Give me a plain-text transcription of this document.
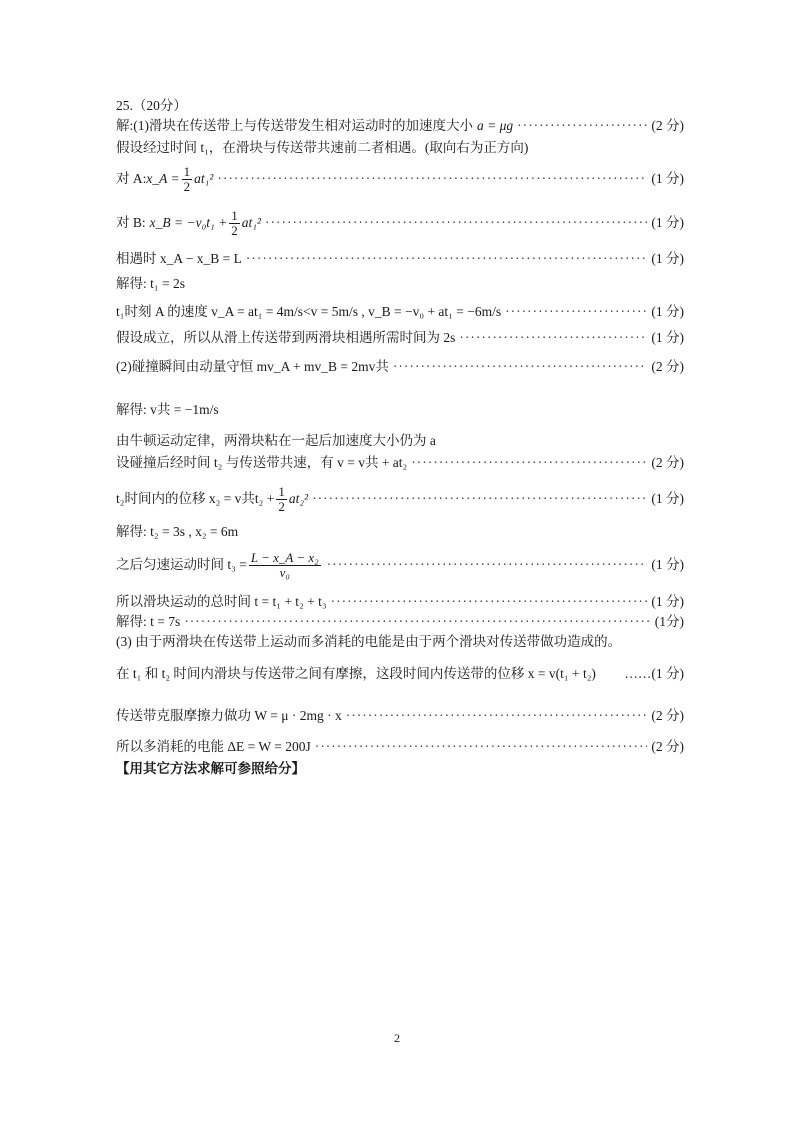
25.（20分）
解:(1)滑块在传送带上与传送带发生相对运动时的加速度大小 a = μg ·····	(2 分)
假设经过时间 t₁，在滑块与传送带共速前二者相遇。(取向右为正方向)
对 A: x_A = $\frac{1}{2} at_1^2$ ·····	(1 分)
对 B: x_B = $-v_0t_1 + \frac{1}{2} at_1^2$ ·····	(1 分)
相遇时 x_A − x_B = L ·····	(1 分)
解得: t₁ = 2s
t₁时刻 A 的速度 v_A = at₁ = 4m/s<v = 5m/s , v_B = −v₀ + at₁ = −6m/s ·····	(1 分)
假设成立，所以从滑上传送带到两滑块相遇所需时间为 2s ·····	(1 分)
(2)碰撞瞬间由动量守恒 mv_A + mv_B = 2mv共 ·····	(2 分)
解得: v共 = −1m/s
由牛顿运动定律，两滑块粘在一起后加速度大小仍为 a
设碰撞后经时间 t₂ 与传送带共速，有 v = v共 + at₂ ·····	(2 分)
t₂时间内的位移 x₂ = v共$t_2 + \frac{1}{2} at_2^2$ ·····	(1 分)
解得: t₂ = 3s , x₂ = 6m
之后匀速运动时间 $t_3 = \frac{\text{L − x\_A − x₂}}{\text{v₀}}$ ·····	(1 分)
所以滑块运动的总时间 t = t₁ + t₂ + t₃ ·····	(1 分)
解得: t = 7s ·····	(1分)
(3) 由于两滑块在传送带上运动而多消耗的电能是由于两个滑块对传送带做功造成的。
在 t₁ 和 t₂ 时间内滑块与传送带之间有摩擦，这段时间内传送带的位移 x = v(t₁ + t₂) ……(1 分)
传送带克服摩擦力做功 W = μ · 2mg · x ·····	(2 分)
所以多消耗的电能 ΔE = W = 200J ·····	(2 分)
【用其它方法求解可参照给分】
2
